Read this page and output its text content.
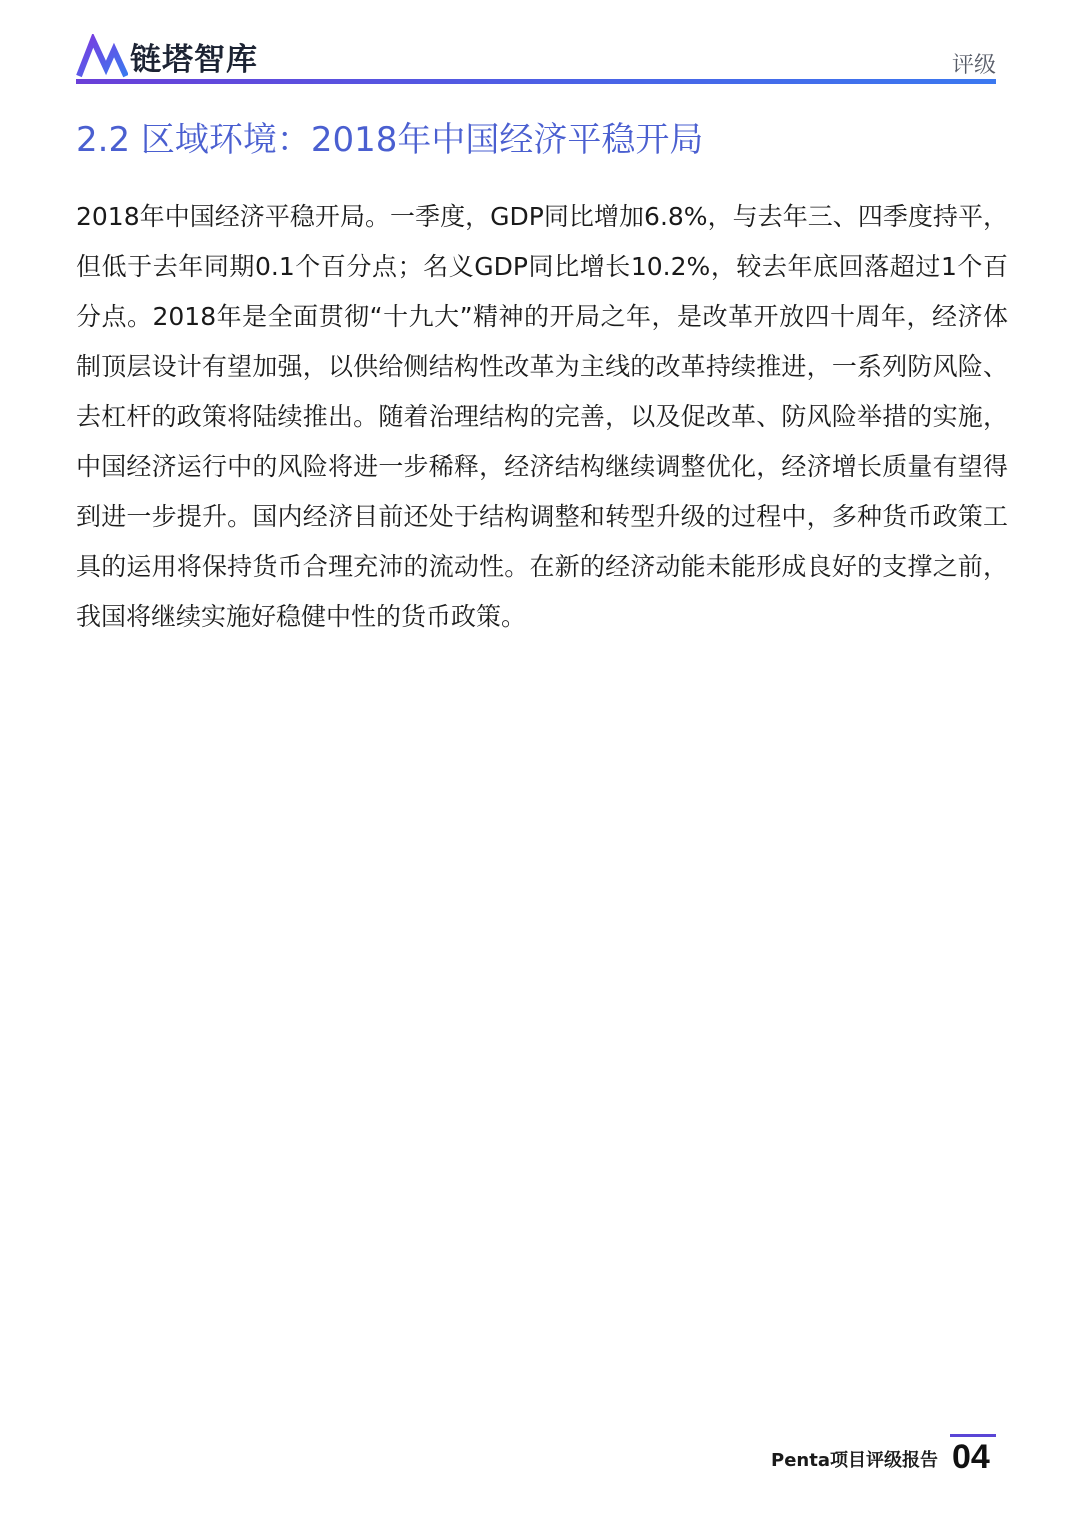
链塔智库	评级
2.2 区域环境：2018年中国经济平稳开局

2018年中国经济平稳开局。一季度，GDP同比增加6.8%，与去年三、四季度持平，但低于去年同期0.1个百分点；名义GDP同比增长10.2%，较去年底回落超过1个百分点。2018年是全面贯彻“十九大”精神的开局之年，是改革开放四十周年，经济体制顶层设计有望加强，以供给侧结构性改革为主线的改革持续推进，一系列防风险、去杠杆的政策将陆续推出。随着治理结构的完善，以及促改革、防风险举措的实施，中国经济运行中的风险将进一步稀释，经济结构继续调整优化，经济增长质量有望得到进一步提升。国内经济目前还处于结构调整和转型升级的过程中，多种货币政策工具的运用将保持货币合理充沛的流动性。在新的经济动能未能形成良好的支撑之前，我国将继续实施好稳健中性的货币政策。

Penta项目评级报告 04
